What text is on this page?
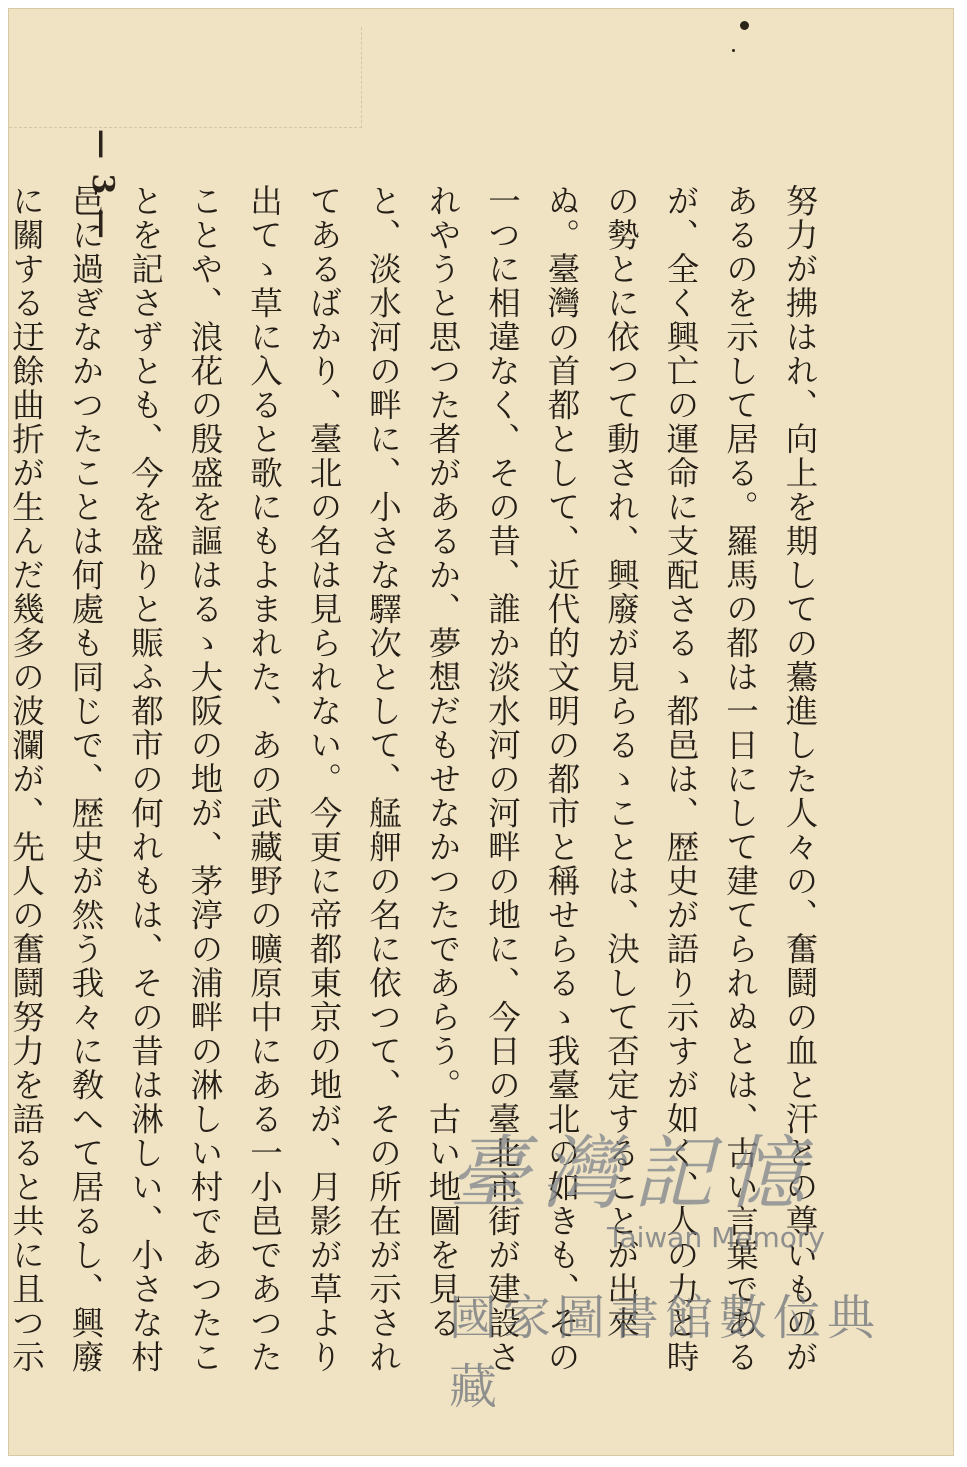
— 3 —	努力が拂はれ、向上を期しての驀進した人々の、奮鬪の血と汗との尊いものがあるのを示して居る。羅馬の都は一日にして建てられぬとは、古い言葉であるが、全く興亡の運命に支配さるゝ都邑は、歴史が語り示すが如く、人の力と時の勢とに依つて動され、興廢が見らるゝことは、決して否定することが出來ぬ。臺灣の首都として、近代的文明の都市と稱せらるゝ我臺北の如きも、その一つに相違なく、その昔、誰か淡水河の河畔の地に、今日の臺北市街が建設されやうと思つた者があるか、夢想だもせなかつたであらう。古い地圖を見ると、淡水河の畔に、小さな驛次として、艋舺の名に依つて、その所在が示されてあるばかり、臺北の名は見られない。今更に帝都東京の地が、月影が草より出てゝ草に入ると歌にもよまれた、あの武藏野の曠原中にある一小邑であつたことや、浪花の殷盛を謳はるゝ大阪の地が、茅渟の浦畔の淋しい村であつたことを記さずとも、今を盛りと賑ふ都市の何れもは、その昔は淋しい、小さな村邑に過ぎなかつたことは何處も同じで、歴史が然う我々に敎へて居るし、興廢に關する迂餘曲折が生んだ幾多の波瀾が、先人の奮鬪努力を語ると共に且つ示

臺灣記憶
Taiwan Memory
國家圖書館數位典藏
